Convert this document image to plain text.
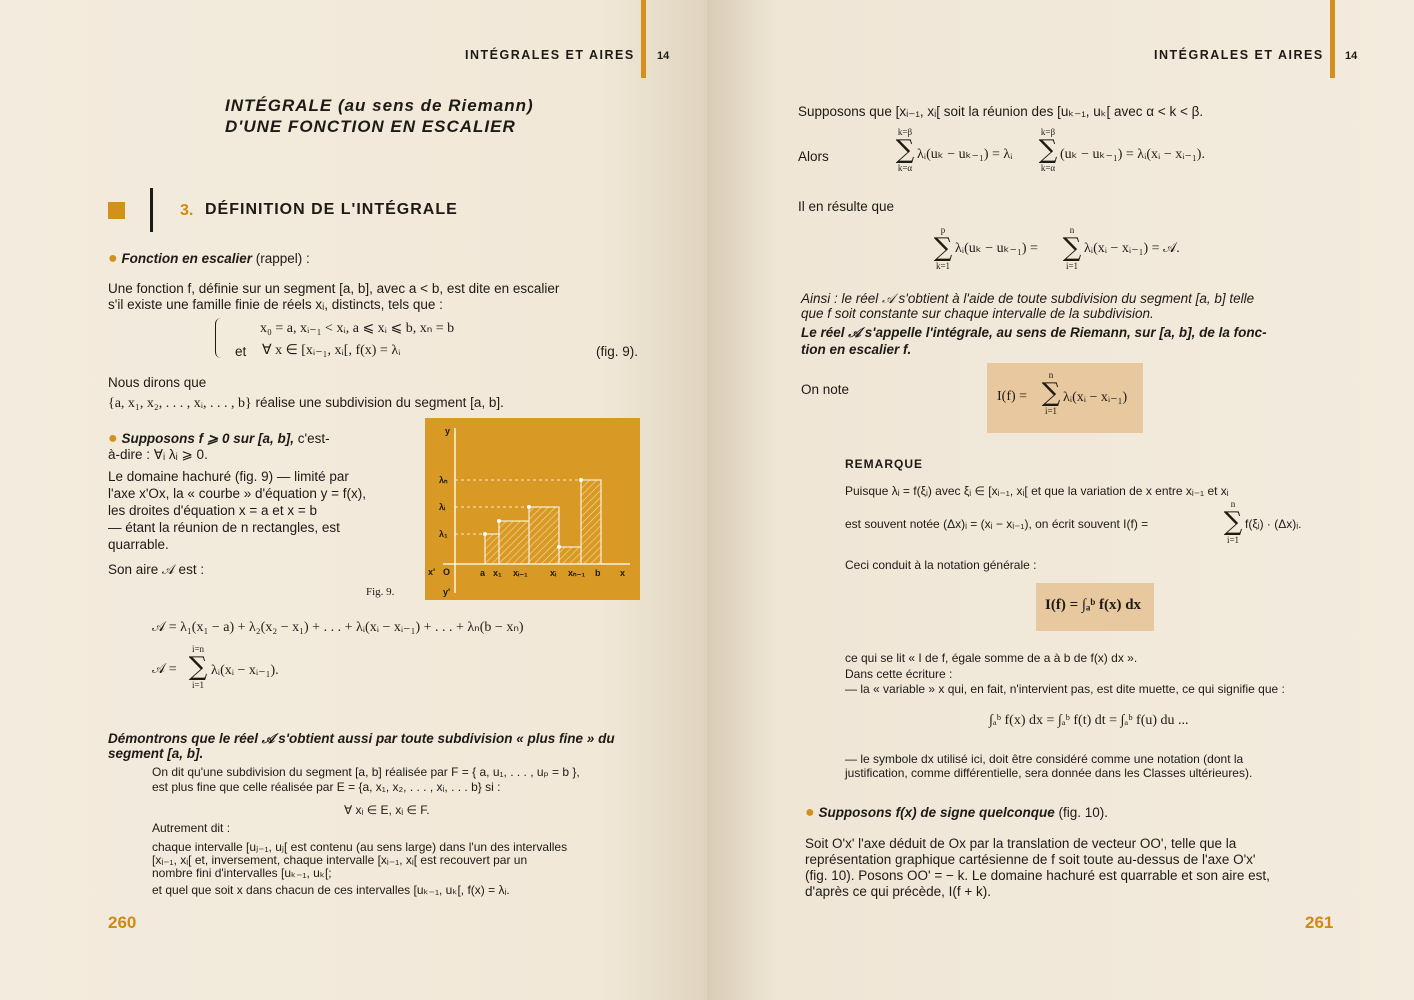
INTÉGRALES ET AIRES 14
INTÉGRALE (au sens de Riemann)
D'UNE FONCTION EN ESCALIER
3. DÉFINITION DE L'INTÉGRALE
● Fonction en escalier (rappel) :
Une fonction f, définie sur un segment [a, b], avec a < b, est dite en escalier
s'il existe une famille finie de réels xᵢ, distincts, tels que :
x₀ = a, xᵢ₋₁ < xᵢ, a ⩽ xᵢ ⩽ b, xₙ = b
et ∀ x ∈ [xᵢ₋₁, xᵢ[, f(x) = λᵢ	(fig. 9).
Nous dirons que
{a, x₁, x₂, . . . , xᵢ, . . . , b} réalise une subdivision du segment [a, b].
● Supposons f ⩾ 0 sur [a, b], c'est-
à-dire : ∀ᵢ λᵢ ⩾ 0.
Le domaine hachuré (fig. 9) — limité par
l'axe x'Ox, la « courbe » d'équation y = f(x),
les droites d'équation x = a et x = b
— étant la réunion de n rectangles, est
quarrable.
Son aire 𝒜 est :
y
y'
O
x'	x
λₙ
λᵢ
λ₁
a x₁ xᵢ₋₁ xᵢ xₙ₋₁ b
Fig. 9.
𝒜 = λ₁(x₁ − a) + λ₂(x₂ − x₁) + . . . + λᵢ(xᵢ − xᵢ₋₁) + . . . + λₙ(b − xₙ)
𝒜 =
i=n
∑
i=1
λᵢ(xᵢ − xᵢ₋₁).
Démontrons que le réel 𝒜 s'obtient aussi par toute subdivision « plus fine » du
segment [a, b].
On dit qu'une subdivision du segment [a, b] réalisée par F = { a, u₁, . . . , uₚ = b },
est plus fine que celle réalisée par E = {a, x₁, x₂, . . . , xᵢ, . . . b} si :
∀ xᵢ ∈ E, xᵢ ∈ F.
Autrement dit :
chaque intervalle [uⱼ₋₁, uⱼ[ est contenu (au sens large) dans l'un des intervalles
[xᵢ₋₁, xᵢ[ et, inversement, chaque intervalle [xᵢ₋₁, xᵢ[ est recouvert par un
nombre fini d'intervalles [uₖ₋₁, uₖ[;
et quel que soit x dans chacun de ces intervalles [uₖ₋₁, uₖ[, f(x) = λᵢ.
260
INTÉGRALES ET AIRES 14
Supposons que [xᵢ₋₁, xᵢ[ soit la réunion des [uₖ₋₁, uₖ[ avec α < k < β.
Alors
k=β
∑
k=α
λᵢ(uₖ − uₖ₋₁) = λᵢ
k=β
∑
k=α
(uₖ − uₖ₋₁) = λᵢ(xᵢ − xᵢ₋₁).
Il en résulte que
p
∑
k=1
λᵢ(uₖ − uₖ₋₁) =
n
∑
i=1
λᵢ(xᵢ − xᵢ₋₁) = 𝒜.
Ainsi : le réel 𝒜 s'obtient à l'aide de toute subdivision du segment [a, b] telle
que f soit constante sur chaque intervalle de la subdivision.
Le réel 𝒜 s'appelle l'intégrale, au sens de Riemann, sur [a, b], de la fonc-
tion en escalier f.
On note	I(f) =
n
∑
i=1
λᵢ(xᵢ − xᵢ₋₁)
REMARQUE
Puisque λᵢ = f(ξᵢ) avec ξᵢ ∈ [xᵢ₋₁, xᵢ[ et que la variation de x entre xᵢ₋₁ et xᵢ
est souvent notée (Δx)ᵢ = (xᵢ − xᵢ₋₁), on écrit souvent I(f) =
n
∑
i=1
f(ξᵢ) · (Δx)ᵢ.
Ceci conduit à la notation générale :
I(f) = ∫ₐᵇ f(x) dx
ce qui se lit « I de f, égale somme de a à b de f(x) dx ».
Dans cette écriture :
— la « variable » x qui, en fait, n'intervient pas, est dite muette, ce qui signifie que :
∫ₐᵇ f(x) dx = ∫ₐᵇ f(t) dt = ∫ₐᵇ f(u) du ...
— le symbole dx utilisé ici, doit être considéré comme une notation (dont la
justification, comme différentielle, sera donnée dans les Classes ultérieures).
● Supposons f(x) de signe quelconque (fig. 10).
Soit O'x' l'axe déduit de Ox par la translation de vecteur OO', telle que la
représentation graphique cartésienne de f soit toute au-dessus de l'axe O'x'
(fig. 10). Posons OO' = − k. Le domaine hachuré est quarrable et son aire est,
d'après ce qui précède, I(f + k).
261
